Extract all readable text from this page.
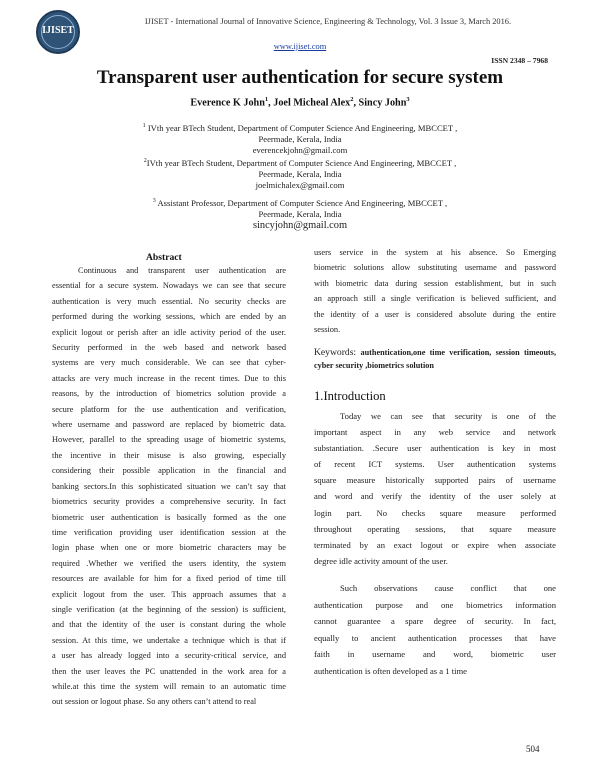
IJISET
IJISET - International Journal of Innovative Science, Engineering & Technology, Vol. 3 Issue 3, March 2016.
www.ijiset.com
ISSN 2348 – 7968
Transparent user authentication for secure system
Everence K John$^1$, Joel Micheal Alex$^2$, Sincy John$^3$
$^1$ IVth year BTech Student, Department of Computer Science And Engineering, MBCCET ,
Peermade, Kerala, India
everencekjohn@gmail.com
$^2$IVth year BTech Student, Department of Computer Science And Engineering, MBCCET ,
Peermade, Kerala, India
joelmichalex@gmail.com
$^3$ Assistant Professor, Department of Computer Science And Engineering, MBCCET ,
Peermade, Kerala, India
sincyjohn@gmail.com
Abstract
Continuous and transparent user authentication are
essential for a secure system. Nowadays we can see that secure
authentication is very much essential. No security checks are
performed during the working sessions, which are ended by an
explicit logout or perish after an idle activity period of the user.
Security performed in the web based and network based
systems are very much considerable. We can see that cyber-
attacks are very much increase in the recent times. Due to this
reasons, by the introduction of biometrics solution provide a
secure platform for the use authentication and verification,
where username and password are replaced by biometric data.
However, parallel to the spreading usage of biometric systems,
the incentive in their misuse is also growing, especially
considering their possible application in the financial and
banking sectors.In this sophisticated situation we can’t say that
biometrics security provides a comprehensive security. In fact
biometric user authentication is basically formed as the one
time verification providing user identification session at the
login phase when one or more biometric characters may be
required .Whether we verified the users identity, the system
resources are available for him for a fixed period of time till
explicit logout from the user. This approach assumes that a
single verification (at the beginning of the session) is sufficient,
and that the identity of the user is constant during the whole
session. At this time, we undertake a technique which is that if
a user has already logged into a security-critical service, and
then the user leaves the PC unattended in the work area for a
while.at this time the system will remain to an automatic time
out session or logout phase. So any others can’t attend to real
users service in the system at his absence. So Emerging
biometric solutions allow substituting username and password
with biometric data during session establishment, but in such
an approach still a single verification is believed sufficient, and
the identity of a user is considered absolute during the entire
session.
Keywords: authentication,one time verification, session timeouts, cyber security ,biometrics solution
1.Introduction
Today we can see that security is one of the
important aspect in any web service and network
substantiation. .Secure user authentication is key in most
of recent ICT systems. User authentication systems
square measure historically supported pairs of username
and word and verify the identity of the user solely at
login part. No checks square measure performed
throughout operating sessions, that square measure
terminated by an exact logout or expire when associate
degree idle activity amount of the user.
Such observations cause conflict that one
authentication purpose and one biometrics information
cannot guarantee a spare degree of security. In fact,
equally to ancient authentication processes that have
faith in username and word, biometric user
authentication is often developed as a 1 time
504
